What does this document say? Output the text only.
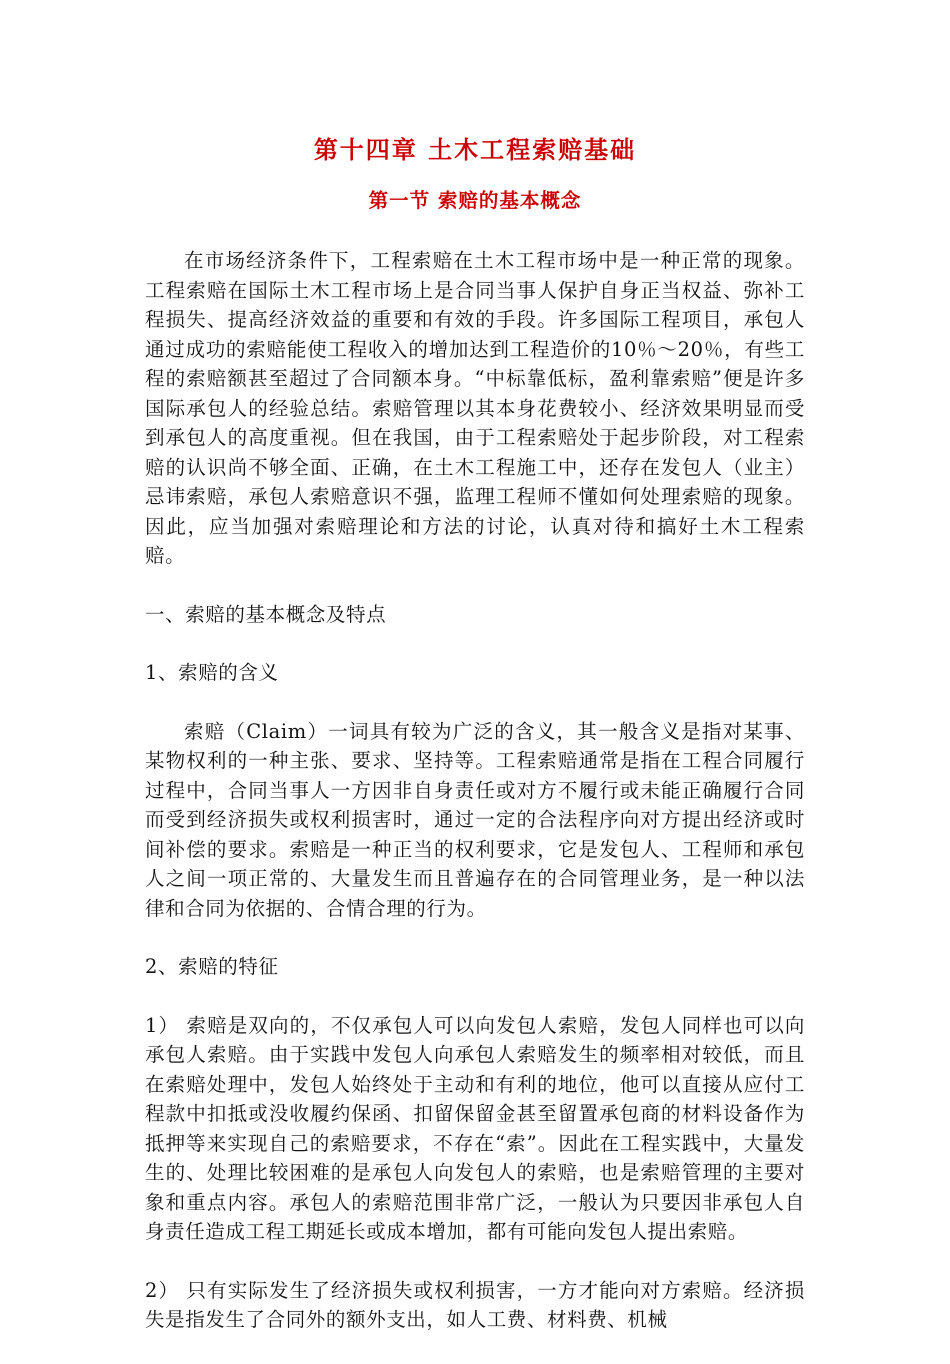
第十四章 土木工程索赔基础
第一节 索赔的基本概念
在市场经济条件下，工程索赔在土木工程市场中是一种正常的现象。工程索赔在国际土木工程市场上是合同当事人保护自身正当权益、弥补工程损失、提高经济效益的重要和有效的手段。许多国际工程项目，承包人通过成功的索赔能使工程收入的增加达到工程造价的10％～20％，有些工程的索赔额甚至超过了合同额本身。“中标靠低标，盈利靠索赔”便是许多国际承包人的经验总结。索赔管理以其本身花费较小、经济效果明显而受到承包人的高度重视。但在我国，由于工程索赔处于起步阶段，对工程索赔的认识尚不够全面、正确，在土木工程施工中，还存在发包人（业主）忌讳索赔，承包人索赔意识不强，监理工程师不懂如何处理索赔的现象。因此，应当加强对索赔理论和方法的讨论，认真对待和搞好土木工程索赔。
一、索赔的基本概念及特点
1、索赔的含义
索赔（Claim）一词具有较为广泛的含义，其一般含义是指对某事、某物权利的一种主张、要求、坚持等。工程索赔通常是指在工程合同履行过程中，合同当事人一方因非自身责任或对方不履行或未能正确履行合同而受到经济损失或权利损害时，通过一定的合法程序向对方提出经济或时间补偿的要求。索赔是一种正当的权利要求，它是发包人、工程师和承包人之间一项正常的、大量发生而且普遍存在的合同管理业务，是一种以法律和合同为依据的、合情合理的行为。
2、索赔的特征
1） 索赔是双向的，不仅承包人可以向发包人索赔，发包人同样也可以向承包人索赔。由于实践中发包人向承包人索赔发生的频率相对较低，而且在索赔处理中，发包人始终处于主动和有利的地位，他可以直接从应付工程款中扣抵或没收履约保函、扣留保留金甚至留置承包商的材料设备作为抵押等来实现自己的索赔要求，不存在“索”。因此在工程实践中，大量发生的、处理比较困难的是承包人向发包人的索赔，也是索赔管理的主要对象和重点内容。承包人的索赔范围非常广泛，一般认为只要因非承包人自身责任造成工程工期延长或成本增加，都有可能向发包人提出索赔。
2） 只有实际发生了经济损失或权利损害，一方才能向对方索赔。经济损失是指发生了合同外的额外支出，如人工费、材料费、机械
